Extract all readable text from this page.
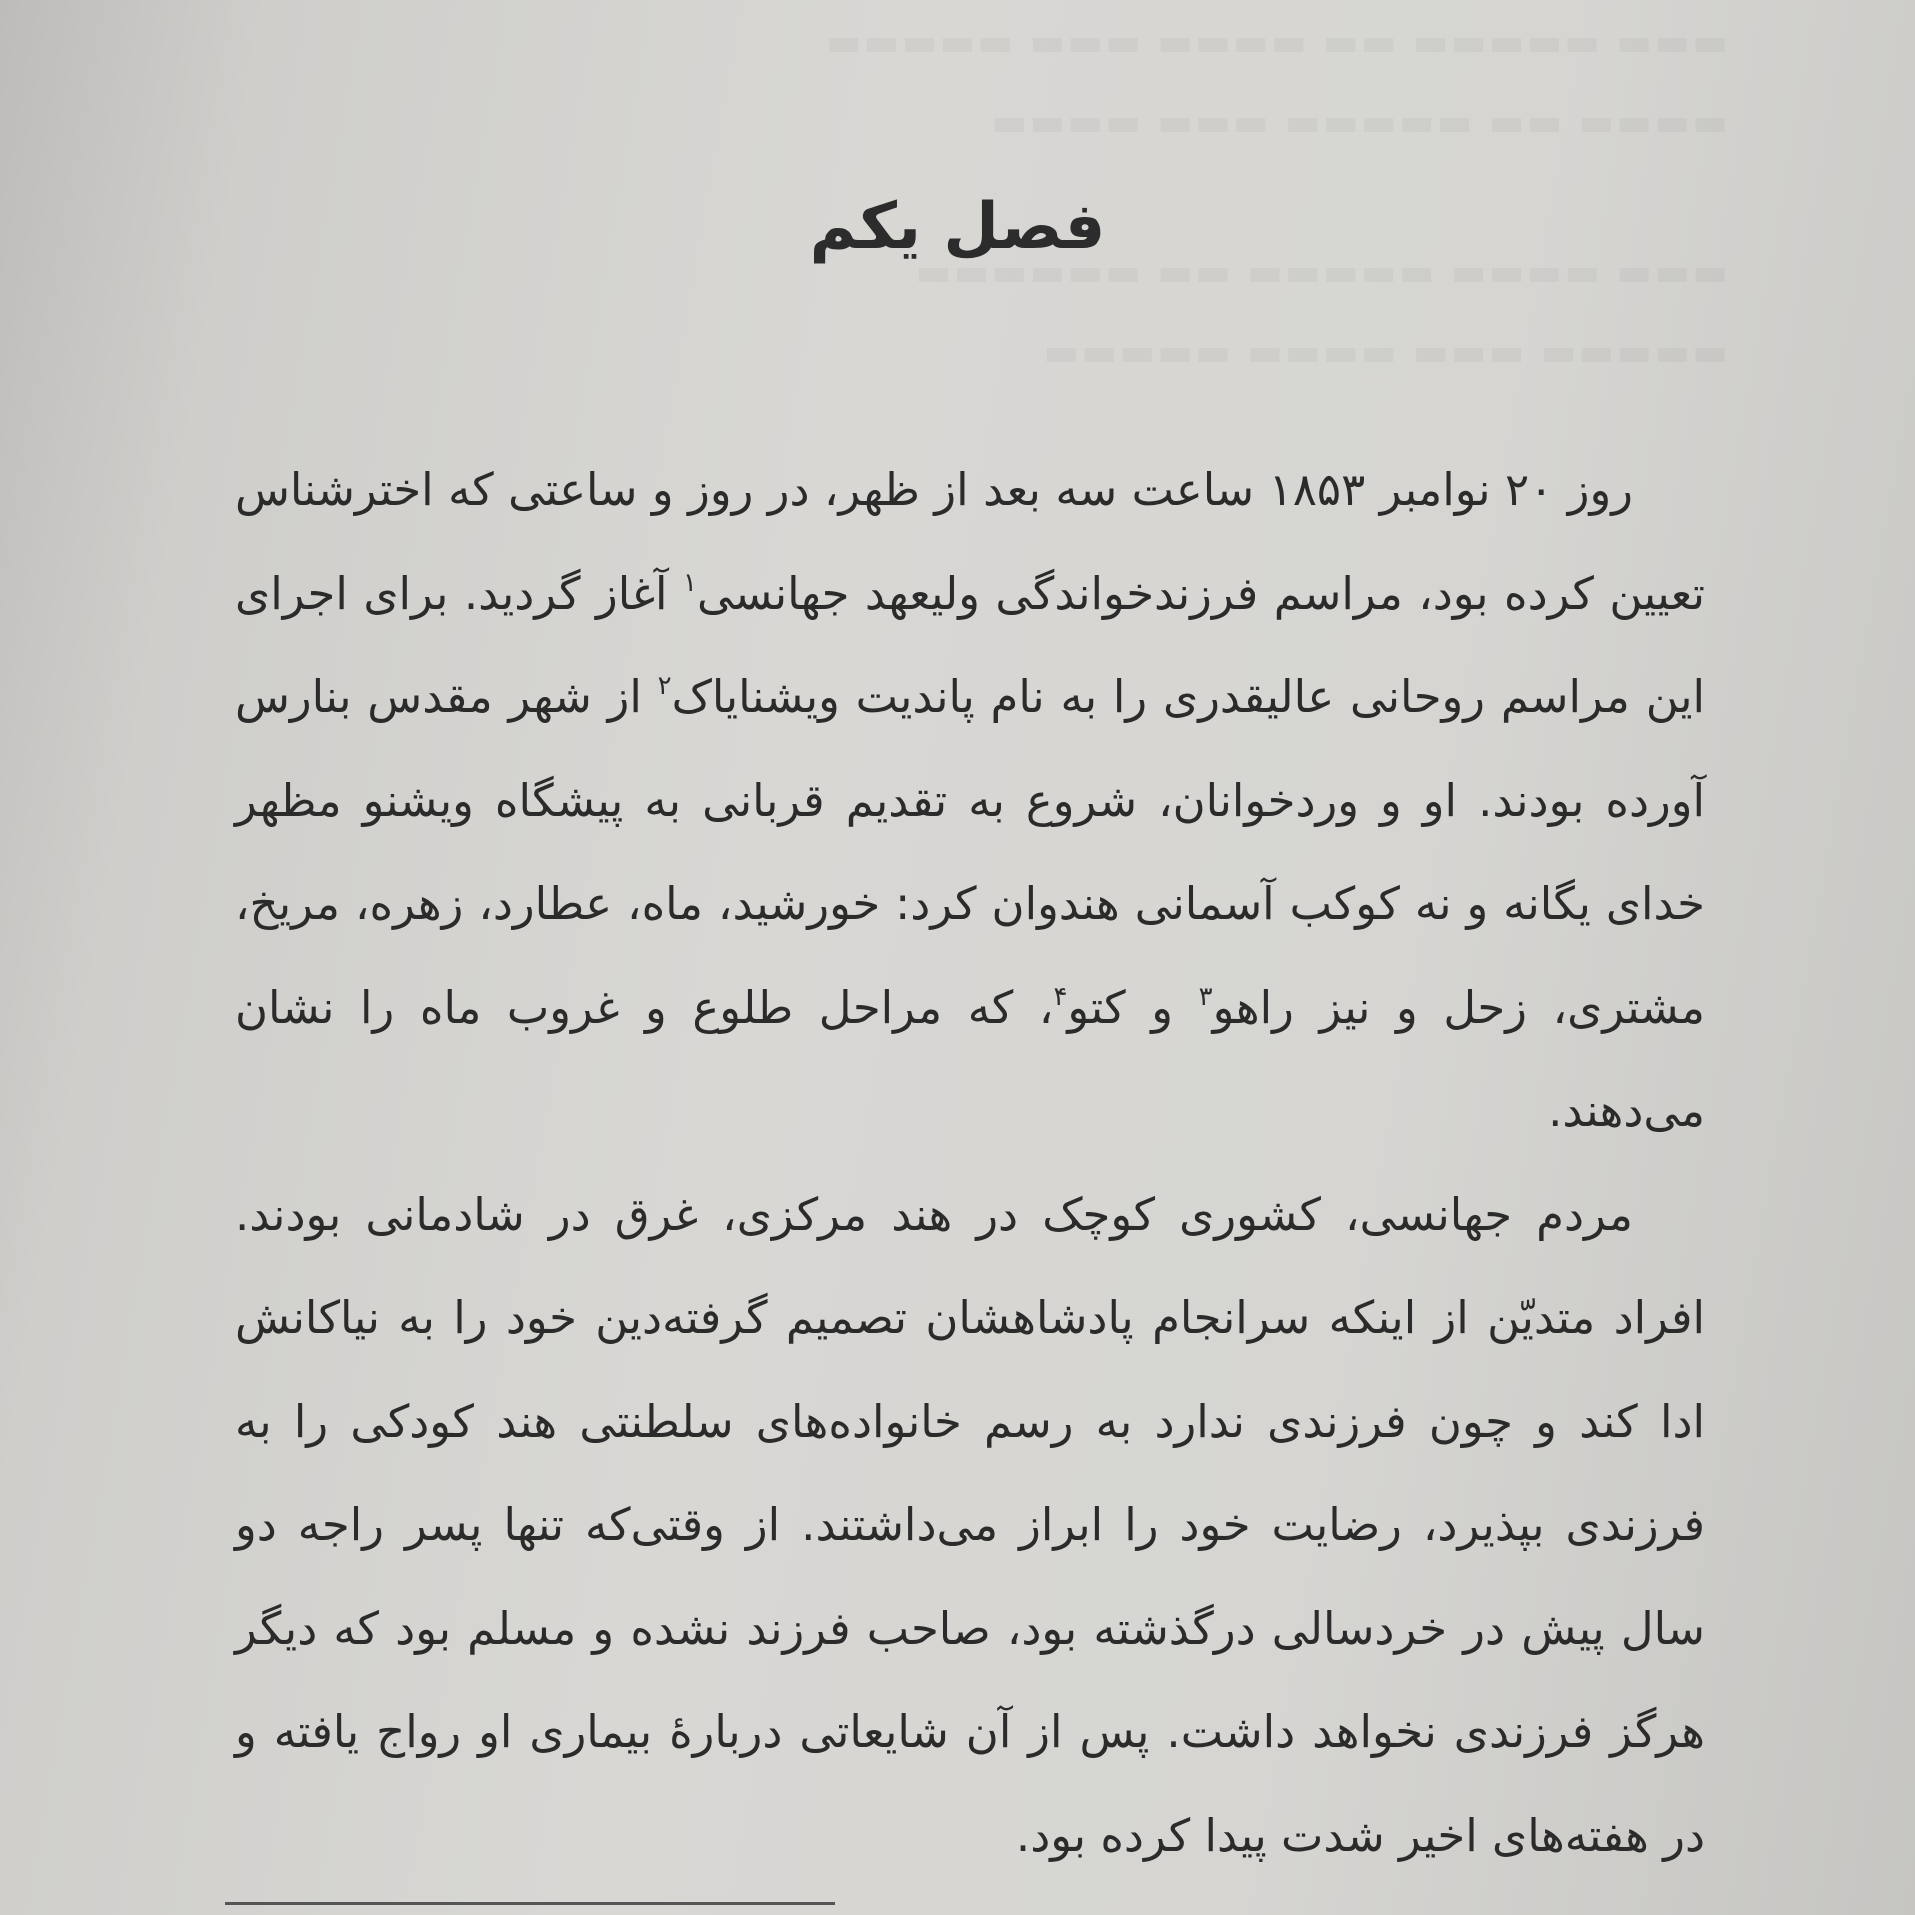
▬▬▬ ▬▬▬▬▬ ▬▬ ▬▬▬▬ ▬▬▬ ▬▬▬▬▬
▬▬▬▬ ▬▬ ▬▬▬▬▬ ▬▬▬ ▬▬▬▬
▬▬▬ ▬▬▬▬ ▬▬▬▬▬ ▬▬ ▬▬▬▬▬▬
▬▬▬▬▬ ▬▬▬ ▬▬▬▬ ▬▬▬▬▬
فصل یکم

روز ۲۰ نوامبر ۱۸۵۳ ساعت سه بعد از ظهر، در روز و ساعتی که اخترشناس تعیین کرده بود، مراسم فرزندخواندگی ولیعهد جهانسی$^۱$ آغاز گردید. برای اجرای این مراسم روحانی عالیقدری را به نام پاندیت ویشنایاک$^۲$ از شهر مقدس بنارس آورده بودند. او و وردخوانان، شروع به تقدیم قربانی به پیشگاه ویشنو مظهر خدای یگانه و نه کوکب آسمانی هندوان کرد: خورشید، ماه، عطارد، زهره، مریخ، مشتری، زحل و نیز راهو$^۳$ و کتو$^۴$، که مراحل طلوع و غروب ماه را نشان می‌دهند.

مردم جهانسی، کشوری کوچک در هند مرکزی، غرق در شادمانی بودند. افراد متدیّن از اینکه سرانجام پادشاهشان تصمیم گرفته‌دین خود را به نیاکانش ادا کند و چون فرزندی ندارد به رسم خانواده‌های سلطنتی هند کودکی را به فرزندی بپذیرد، رضایت خود را ابراز می‌داشتند. از وقتی‌که تنها پسر راجه دو سال پیش در خردسالی درگذشته بود، صاحب فرزند نشده و مسلم بود که دیگر هرگز فرزندی نخواهد داشت. پس از آن شایعاتی دربارهٔ بیماری او رواج یافته و در هفته‌های اخیر شدت پیدا کرده بود.
